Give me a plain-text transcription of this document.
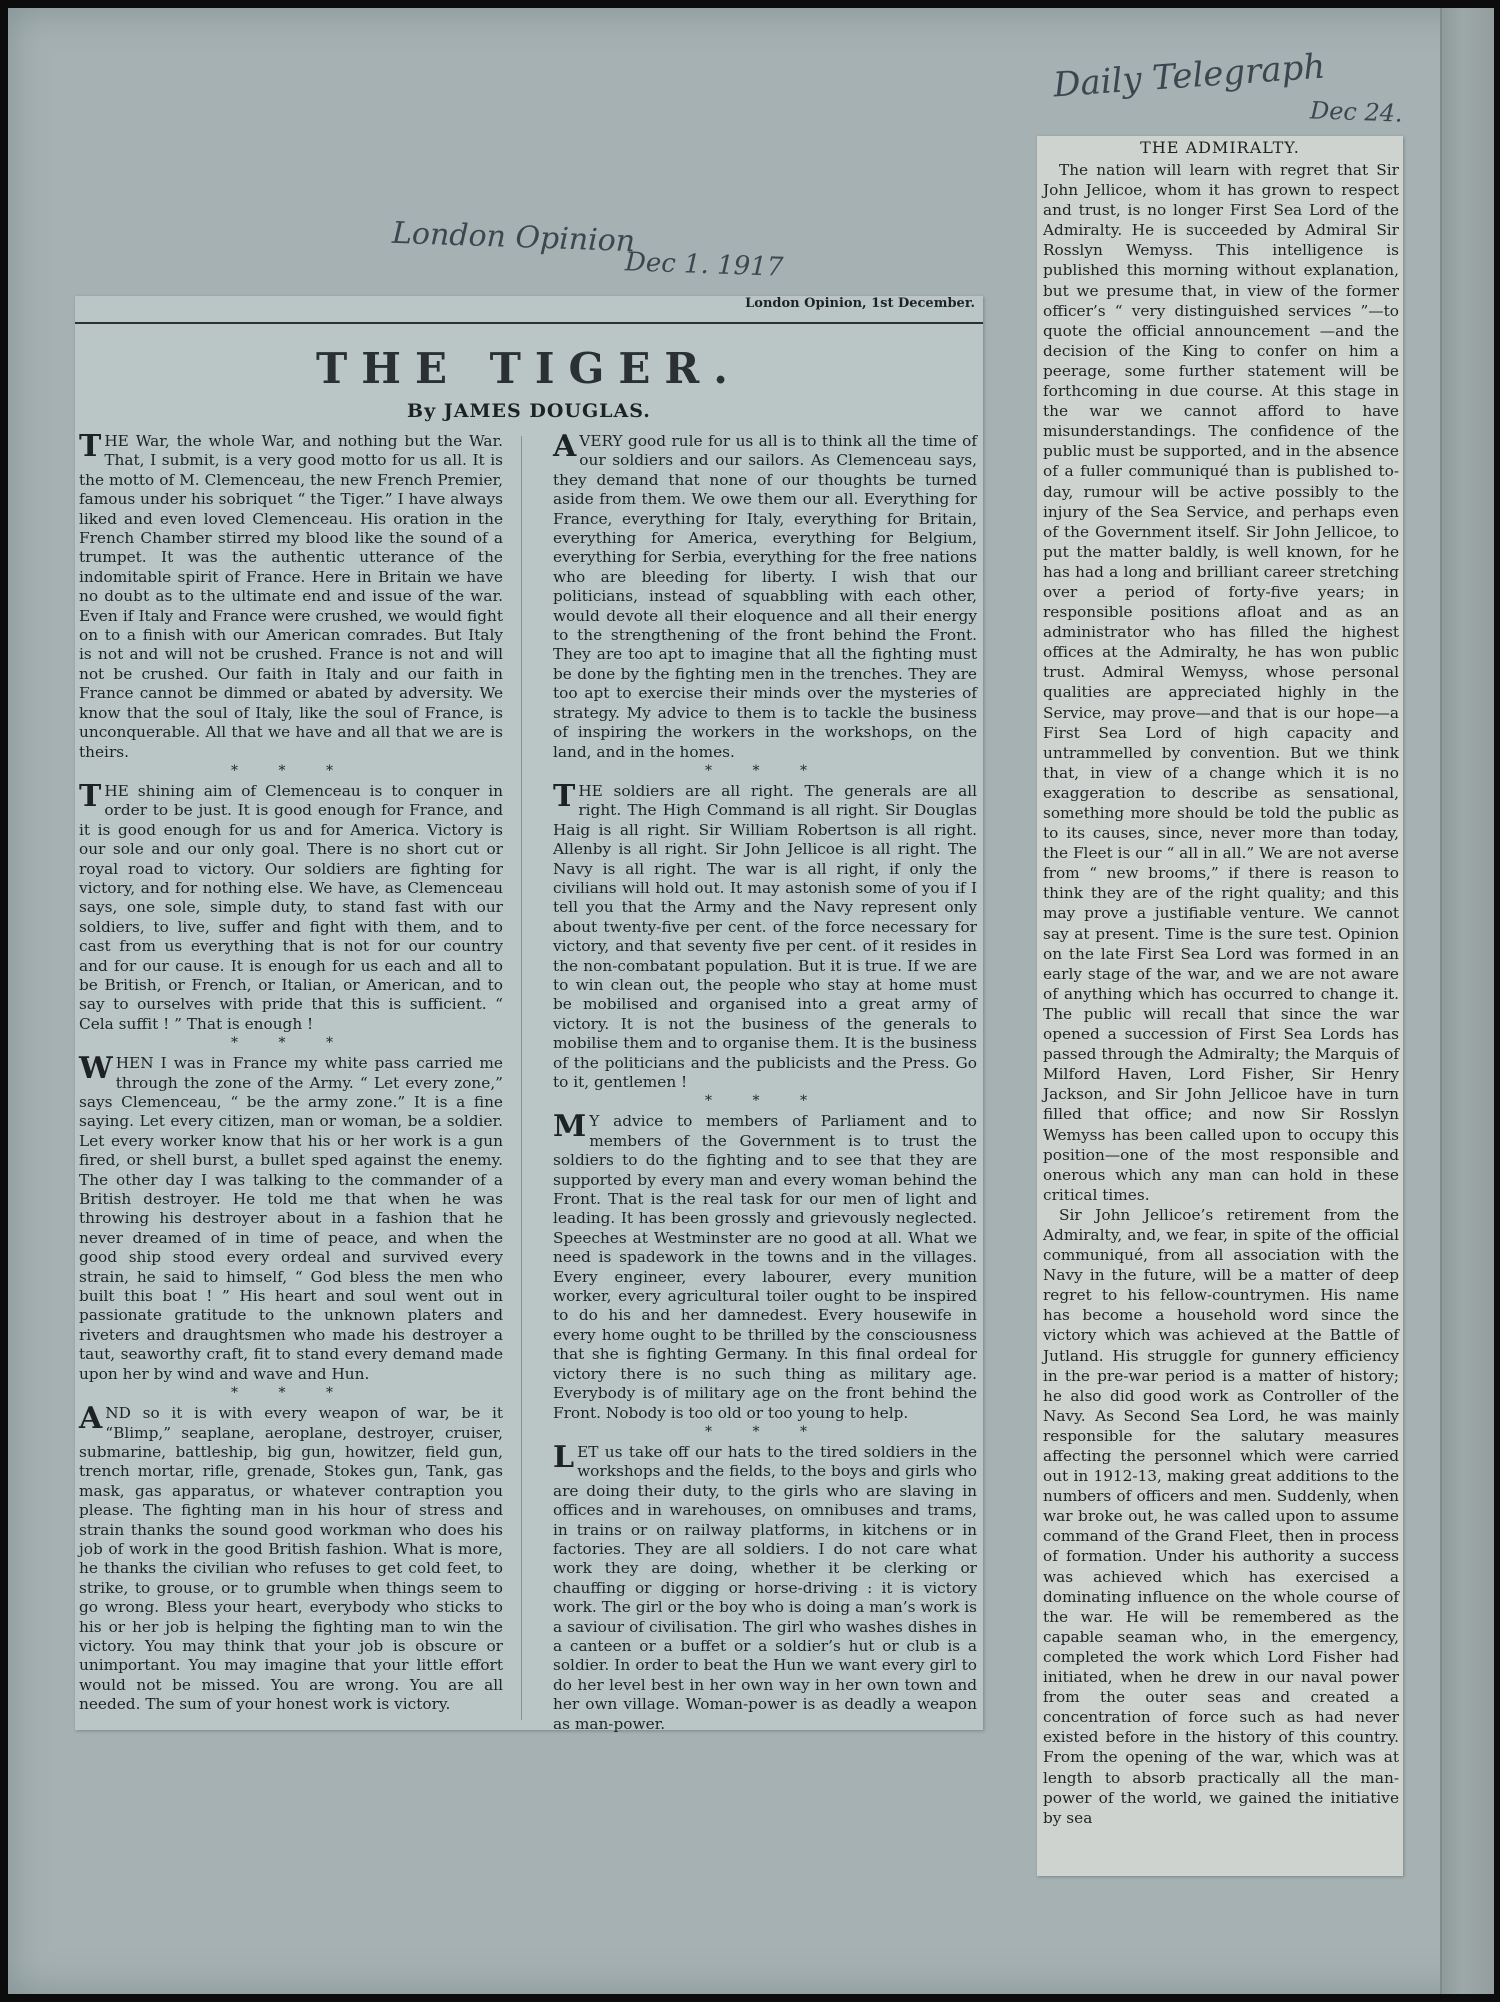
London Opinion
Dec 1. 1917
Daily Telegraph
Dec 24.
London Opinion, 1st December.
THE TIGER.
By JAMES DOUGLAS.

THE War, the whole War, and nothing but the War. That, I submit, is a very good motto for us all. It is the motto of M. Clemenceau, the new French Premier, famous under his sobriquet “ the Tiger.” I have always liked and even loved Clemenceau. His oration in the French Chamber stirred my blood like the sound of a trumpet. It was the authentic utterance of the indomitable spirit of France. Here in Britain we have no doubt as to the ultimate end and issue of the war. Even if Italy and France were crushed, we would fight on to a finish with our American comrades. But Italy is not and will not be crushed. France is not and will not be crushed. Our faith in Italy and our faith in France cannot be dimmed or abated by adversity. We know that the soul of Italy, like the soul of France, is unconquerable. All that we have and all that we are is theirs.

* * *

THE shining aim of Clemenceau is to conquer in order to be just. It is good enough for France, and it is good enough for us and for America. Victory is our sole and our only goal. There is no short cut or royal road to victory. Our soldiers are fighting for victory, and for nothing else. We have, as Clemenceau says, one sole, simple duty, to stand fast with our soldiers, to live, suffer and fight with them, and to cast from us everything that is not for our country and for our cause. It is enough for us each and all to be British, or French, or Italian, or American, and to say to ourselves with pride that this is sufficient. “ Cela suffit ! ” That is enough !

* * *

WHEN I was in France my white pass carried me through the zone of the Army. “ Let every zone,” says Clemenceau, “ be the army zone.” It is a fine saying. Let every citizen, man or woman, be a soldier. Let every worker know that his or her work is a gun fired, or shell burst, a bullet sped against the enemy. The other day I was talking to the commander of a British destroyer. He told me that when he was throwing his destroyer about in a fashion that he never dreamed of in time of peace, and when the good ship stood every ordeal and survived every strain, he said to himself, “ God bless the men who built this boat ! ” His heart and soul went out in passionate gratitude to the unknown platers and riveters and draughtsmen who made his destroyer a taut, seaworthy craft, fit to stand every demand made upon her by wind and wave and Hun.

* * *

AND so it is with every weapon of war, be it “Blimp,” seaplane, aeroplane, destroyer, cruiser, submarine, battleship, big gun, howitzer, field gun, trench mortar, rifle, grenade, Stokes gun, Tank, gas mask, gas apparatus, or whatever contraption you please. The fighting man in his hour of stress and strain thanks the sound good workman who does his job of work in the good British fashion. What is more, he thanks the civilian who refuses to get cold feet, to strike, to grouse, or to grumble when things seem to go wrong. Bless your heart, everybody who sticks to his or her job is helping the fighting man to win the victory. You may think that your job is obscure or unimportant. You may imagine that your little effort would not be missed. You are wrong. You are all needed. The sum of your honest work is victory.

A VERY good rule for us all is to think all the time of our soldiers and our sailors. As Clemenceau says, they demand that none of our thoughts be turned aside from them. We owe them our all. Everything for France, everything for Italy, everything for Britain, everything for America, everything for Belgium, everything for Serbia, everything for the free nations who are bleeding for liberty. I wish that our politicians, instead of squabbling with each other, would devote all their eloquence and all their energy to the strengthening of the front behind the Front. They are too apt to imagine that all the fighting must be done by the fighting men in the trenches. They are too apt to exercise their minds over the mysteries of strategy. My advice to them is to tackle the business of inspiring the workers in the workshops, on the land, and in the homes.

* * *

THE soldiers are all right. The generals are all right. The High Command is all right. Sir Douglas Haig is all right. Sir William Robertson is all right. Allenby is all right. Sir John Jellicoe is all right. The Navy is all right. The war is all right, if only the civilians will hold out. It may astonish some of you if I tell you that the Army and the Navy represent only about twenty-five per cent. of the force necessary for victory, and that seventy five per cent. of it resides in the non-combatant population. But it is true. If we are to win clean out, the people who stay at home must be mobilised and organised into a great army of victory. It is not the business of the generals to mobilise them and to organise them. It is the business of the politicians and the publicists and the Press. Go to it, gentlemen !

* * *

M Y advice to members of Parliament and to members of the Government is to trust the soldiers to do the fighting and to see that they are supported by every man and every woman behind the Front. That is the real task for our men of light and leading. It has been grossly and grievously neglected. Speeches at Westminster are no good at all. What we need is spadework in the towns and in the villages. Every engineer, every labourer, every munition worker, every agricultural toiler ought to be inspired to do his and her damnedest. Every housewife in every home ought to be thrilled by the consciousness that she is fighting Germany. In this final ordeal for victory there is no such thing as military age. Everybody is of military age on the front behind the Front. Nobody is too old or too young to help.

* * *

LET us take off our hats to the tired soldiers in the workshops and the fields, to the boys and girls who are doing their duty, to the girls who are slaving in offices and in warehouses, on omnibuses and trams, in trains or on railway platforms, in kitchens or in factories. They are all soldiers. I do not care what work they are doing, whether it be clerking or chauffing or digging or horse-driving : it is victory work. The girl or the boy who is doing a man’s work is a saviour of civilisation. The girl who washes dishes in a canteen or a buffet or a soldier’s hut or club is a soldier. In order to beat the Hun we want every girl to do her level best in her own way in her own town and her own village. Woman-power is as deadly a weapon as man-power.

THE ADMIRALTY.

The nation will learn with regret that Sir John Jellicoe, whom it has grown to respect and trust, is no longer First Sea Lord of the Admiralty. He is succeeded by Admiral Sir Rosslyn Wemyss. This intelligence is published this morning without explanation, but we presume that, in view of the former officer’s “ very distinguished services ”—to quote the official announcement —and the decision of the King to confer on him a peerage, some further statement will be forthcoming in due course. At this stage in the war we cannot afford to have misunderstandings. The confidence of the public must be supported, and in the absence of a fuller communiqué than is published to-day, rumour will be active possibly to the injury of the Sea Service, and perhaps even of the Government itself. Sir John Jellicoe, to put the matter baldly, is well known, for he has had a long and brilliant career stretching over a period of forty-five years; in responsible positions afloat and as an administrator who has filled the highest offices at the Admiralty, he has won public trust. Admiral Wemyss, whose personal qualities are appreciated highly in the Service, may prove—and that is our hope—a First Sea Lord of high capacity and untrammelled by convention. But we think that, in view of a change which it is no exaggeration to describe as sensational, something more should be told the public as to its causes, since, never more than today, the Fleet is our “ all in all.” We are not averse from “ new brooms,” if there is reason to think they are of the right quality; and this may prove a justifiable venture. We cannot say at present. Time is the sure test. Opinion on the late First Sea Lord was formed in an early stage of the war, and we are not aware of anything which has occurred to change it. The public will recall that since the war opened a succession of First Sea Lords has passed through the Admiralty; the Marquis of Milford Haven, Lord Fisher, Sir Henry Jackson, and Sir John Jellicoe have in turn filled that office; and now Sir Rosslyn Wemyss has been called upon to occupy this position—one of the most responsible and onerous which any man can hold in these critical times.

Sir John Jellicoe’s retirement from the Admiralty, and, we fear, in spite of the official communiqué, from all association with the Navy in the future, will be a matter of deep regret to his fellow-countrymen. His name has become a household word since the victory which was achieved at the Battle of Jutland. His struggle for gunnery efficiency in the pre-war period is a matter of history; he also did good work as Controller of the Navy. As Second Sea Lord, he was mainly responsible for the salutary measures affecting the personnel which were carried out in 1912-13, making great additions to the numbers of officers and men. Suddenly, when war broke out, he was called upon to assume command of the Grand Fleet, then in process of formation. Under his authority a success was achieved which has exercised a dominating influence on the whole course of the war. He will be remembered as the capable seaman who, in the emergency, completed the work which Lord Fisher had initiated, when he drew in our naval power from the outer seas and created a concentration of force such as had never existed before in the history of this country. From the opening of the war, which was at length to absorb practically all the man-power of the world, we gained the initiative by sea
